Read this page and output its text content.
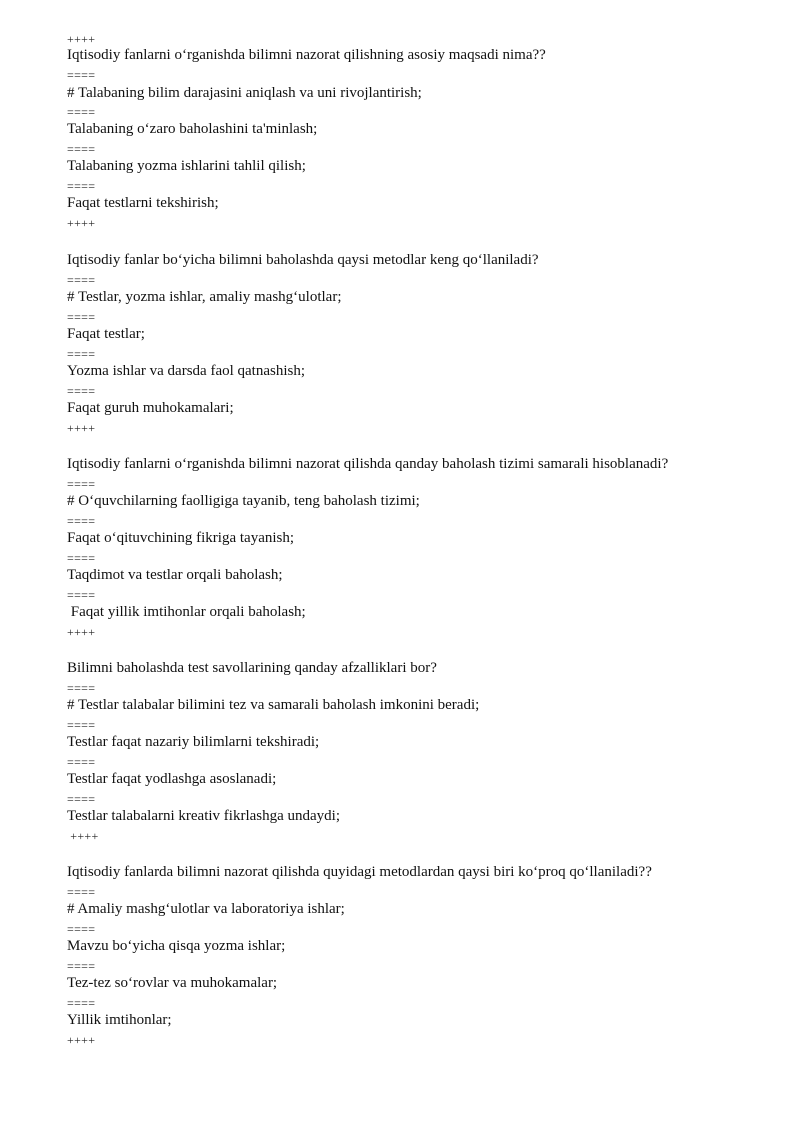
++++
Iqtisodiy fanlarni o‘rganishda bilimni nazorat qilishning asosiy maqsadi nima??
====
# Talabaning bilim darajasini aniqlash va uni rivojlantirish;
====
Talabaning o‘zaro baholashini ta'minlash;
====
Talabaning yozma ishlarini tahlil qilish;
====
Faqat testlarni tekshirish;
++++
Iqtisodiy fanlar bo‘yicha bilimni baholashda qaysi metodlar keng qo‘llaniladi?
====
# Testlar, yozma ishlar, amaliy mashg‘ulotlar;
====
Faqat testlar;
====
Yozma ishlar va darsda faol qatnashish;
====
Faqat guruh muhokamalari;
++++
Iqtisodiy fanlarni o‘rganishda bilimni nazorat qilishda qanday baholash tizimi samarali hisoblanadi?
====
# O‘quvchilarning faolligiga tayanib, teng baholash tizimi;
====
Faqat o‘qituvchining fikriga tayanish;
====
Taqdimot va testlar orqali baholash;
====
Faqat yillik imtihonlar orqali baholash;
++++
Bilimni baholashda test savollarining qanday afzalliklari bor?
====
# Testlar talabalar bilimini tez va samarali baholash imkonini beradi;
====
Testlar faqat nazariy bilimlarni tekshiradi;
====
Testlar faqat yodlashga asoslanadi;
====
Testlar talabalarni kreativ fikrlashga undaydi;
++++
Iqtisodiy fanlarda bilimni nazorat qilishda quyidagi metodlardan qaysi biri ko‘proq qo‘llaniladi??
====
# Amaliy mashg‘ulotlar va laboratoriya ishlar;
====
Mavzu bo‘yicha qisqa yozma ishlar;
====
Tez-tez so‘rovlar va muhokamalar;
====
Yillik imtihonlar;
++++
